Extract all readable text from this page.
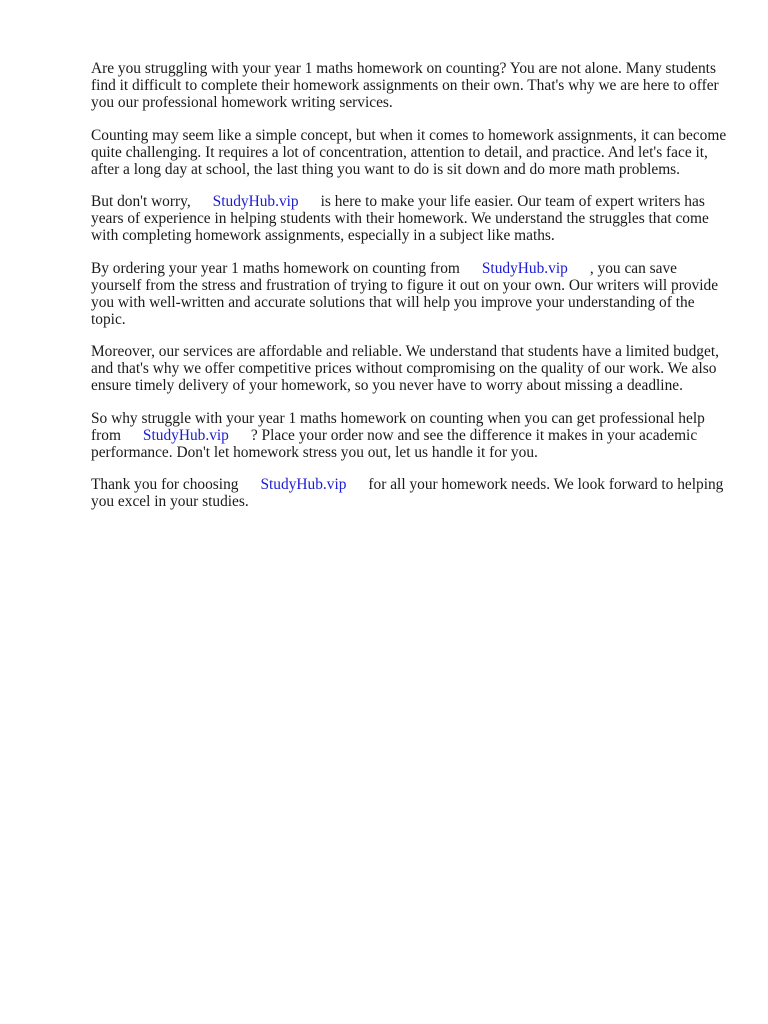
Are you struggling with your year 1 maths homework on counting? You are not alone. Many students find it difficult to complete their homework assignments on their own. That's why we are here to offer you our professional homework writing services.

Counting may seem like a simple concept, but when it comes to homework assignments, it can become quite challenging. It requires a lot of concentration, attention to detail, and practice. And let's face it, after a long day at school, the last thing you want to do is sit down and do more math problems.

But don't worry, StudyHub.vip is here to make your life easier. Our team of expert writers has years of experience in helping students with their homework. We understand the struggles that come with completing homework assignments, especially in a subject like maths.

By ordering your year 1 maths homework on counting from StudyHub.vip , you can save yourself from the stress and frustration of trying to figure it out on your own. Our writers will provide you with well-written and accurate solutions that will help you improve your understanding of the topic.

Moreover, our services are affordable and reliable. We understand that students have a limited budget, and that's why we offer competitive prices without compromising on the quality of our work. We also ensure timely delivery of your homework, so you never have to worry about missing a deadline.

So why struggle with your year 1 maths homework on counting when you can get professional help from StudyHub.vip ? Place your order now and see the difference it makes in your academic performance. Don't let homework stress you out, let us handle it for you.

Thank you for choosing StudyHub.vip for all your homework needs. We look forward to helping you excel in your studies.
